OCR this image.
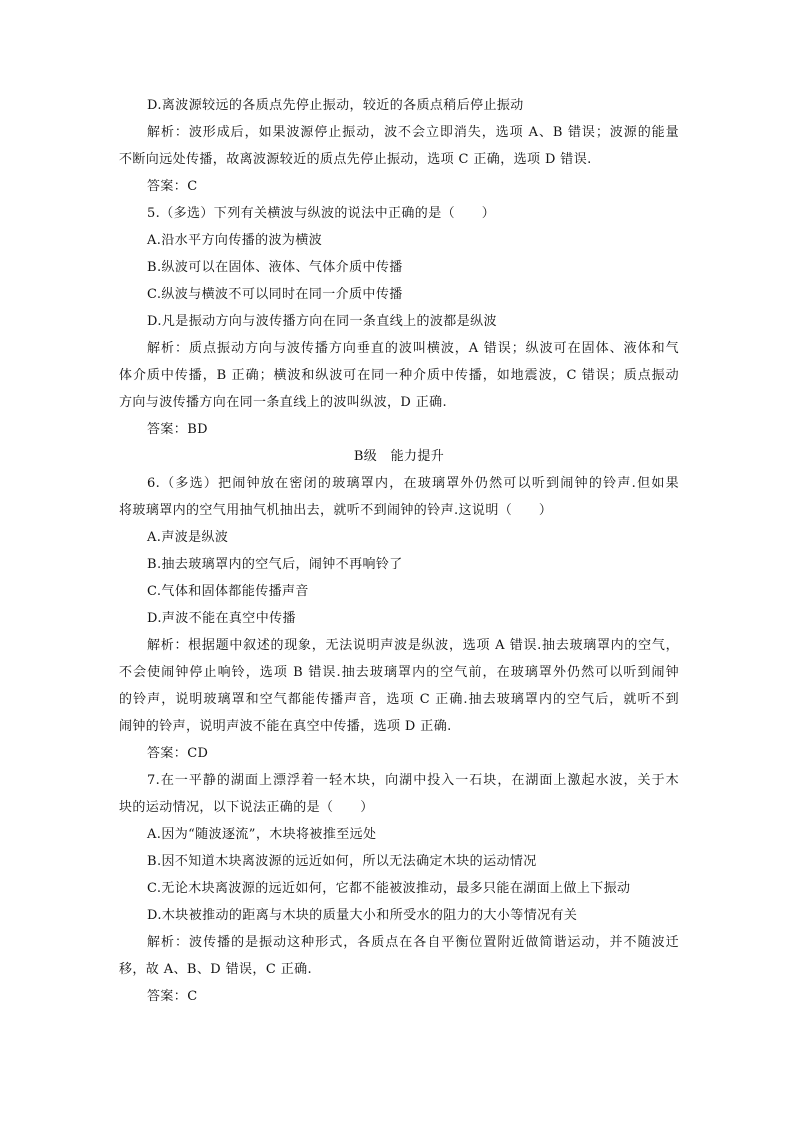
D.离波源较远的各质点先停止振动，较近的各质点稍后停止振动
解析：波形成后，如果波源停止振动，波不会立即消失，选项 A、B 错误；波源的能量
不断向远处传播，故离波源较近的质点先停止振动，选项 C 正确，选项 D 错误.
答案：C
5.（多选）下列有关横波与纵波的说法中正确的是（　　）
A.沿水平方向传播的波为横波
B.纵波可以在固体、液体、气体介质中传播
C.纵波与横波不可以同时在同一介质中传播
D.凡是振动方向与波传播方向在同一条直线上的波都是纵波
解析：质点振动方向与波传播方向垂直的波叫横波，A 错误；纵波可在固体、液体和气
体介质中传播，B 正确；横波和纵波可在同一种介质中传播，如地震波，C 错误；质点振动
方向与波传播方向在同一条直线上的波叫纵波，D 正确.
答案：BD
B级　能力提升
6.（多选）把闹钟放在密闭的玻璃罩内，在玻璃罩外仍然可以听到闹钟的铃声.但如果
将玻璃罩内的空气用抽气机抽出去，就听不到闹钟的铃声.这说明（　　）
A.声波是纵波
B.抽去玻璃罩内的空气后，闹钟不再响铃了
C.气体和固体都能传播声音
D.声波不能在真空中传播
解析：根据题中叙述的现象，无法说明声波是纵波，选项 A 错误.抽去玻璃罩内的空气，
不会使闹钟停止响铃，选项 B 错误.抽去玻璃罩内的空气前，在玻璃罩外仍然可以听到闹钟
的铃声，说明玻璃罩和空气都能传播声音，选项 C 正确.抽去玻璃罩内的空气后，就听不到
闹钟的铃声，说明声波不能在真空中传播，选项 D 正确.
答案：CD
7.在一平静的湖面上漂浮着一轻木块，向湖中投入一石块，在湖面上激起水波，关于木
块的运动情况，以下说法正确的是（　　）
A.因为“随波逐流”，木块将被推至远处
B.因不知道木块离波源的远近如何，所以无法确定木块的运动情况
C.无论木块离波源的远近如何，它都不能被波推动，最多只能在湖面上做上下振动
D.木块被推动的距离与木块的质量大小和所受水的阻力的大小等情况有关
解析：波传播的是振动这种形式，各质点在各自平衡位置附近做简谐运动，并不随波迁
移，故 A、B、D 错误，C 正确.
答案：C
